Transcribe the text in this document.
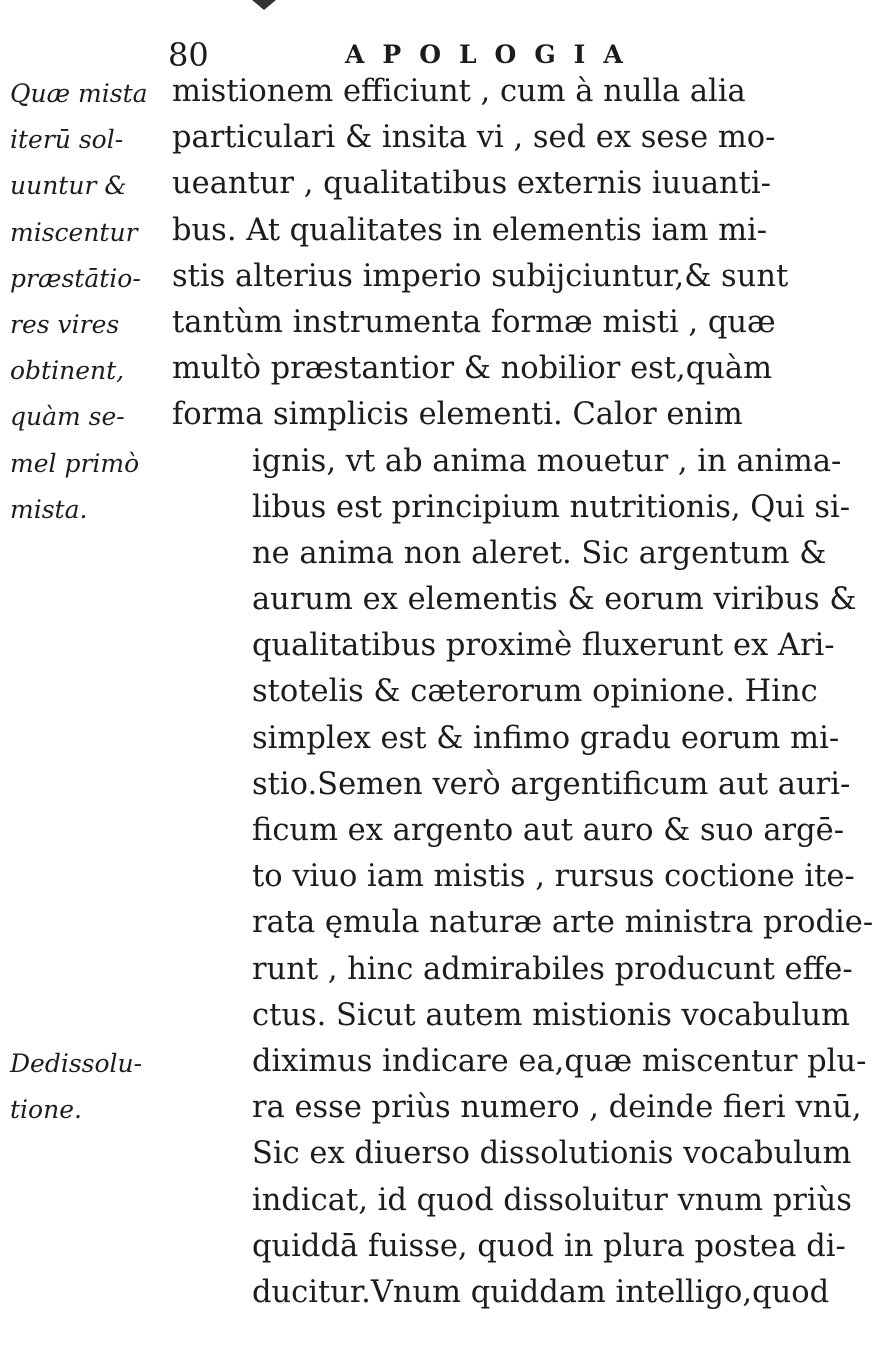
80	APOLOGIA
Quæ mista
iterū sol-
uuntur &
miscentur
præstātio-
res vires
obtinent,
quàm se-
mel primò
mista.
Dedissolu-
tione.
mistionem efficiunt , cum à nulla alia
particulari & insita vi , sed ex sese mo-
ueantur , qualitatibus externis iuuanti-
bus. At qualitates in elementis iam mi-
stis alterius imperio subijciuntur,& sunt
tantùm instrumenta formæ misti , quæ
multò præstantior & nobilior est,quàm
forma simplicis elementi. Calor enim
ignis, vt ab anima mouetur , in anima-
libus est principium nutritionis, Qui si-
ne anima non aleret. Sic argentum &
aurum ex elementis & eorum viribus &
qualitatibus proximè fluxerunt ex Ari-
stotelis & cæterorum opinione. Hinc
simplex est & infimo gradu eorum mi-
stio.Semen verò argentificum aut auri-
ficum ex argento aut auro & suo argē-
to viuo iam mistis , rursus coctione ite-
rata ęmula naturæ arte ministra prodie-
runt , hinc admirabiles producunt effe-
ctus. Sicut autem mistionis vocabulum
diximus indicare ea,quæ miscentur plu-
ra esse priùs numero , deinde fieri vnū,
Sic ex diuerso dissolutionis vocabulum
indicat, id quod dissoluitur vnum priùs
quiddā fuisse, quod in plura postea di-
ducitur.Vnum quiddam intelligo,quod
